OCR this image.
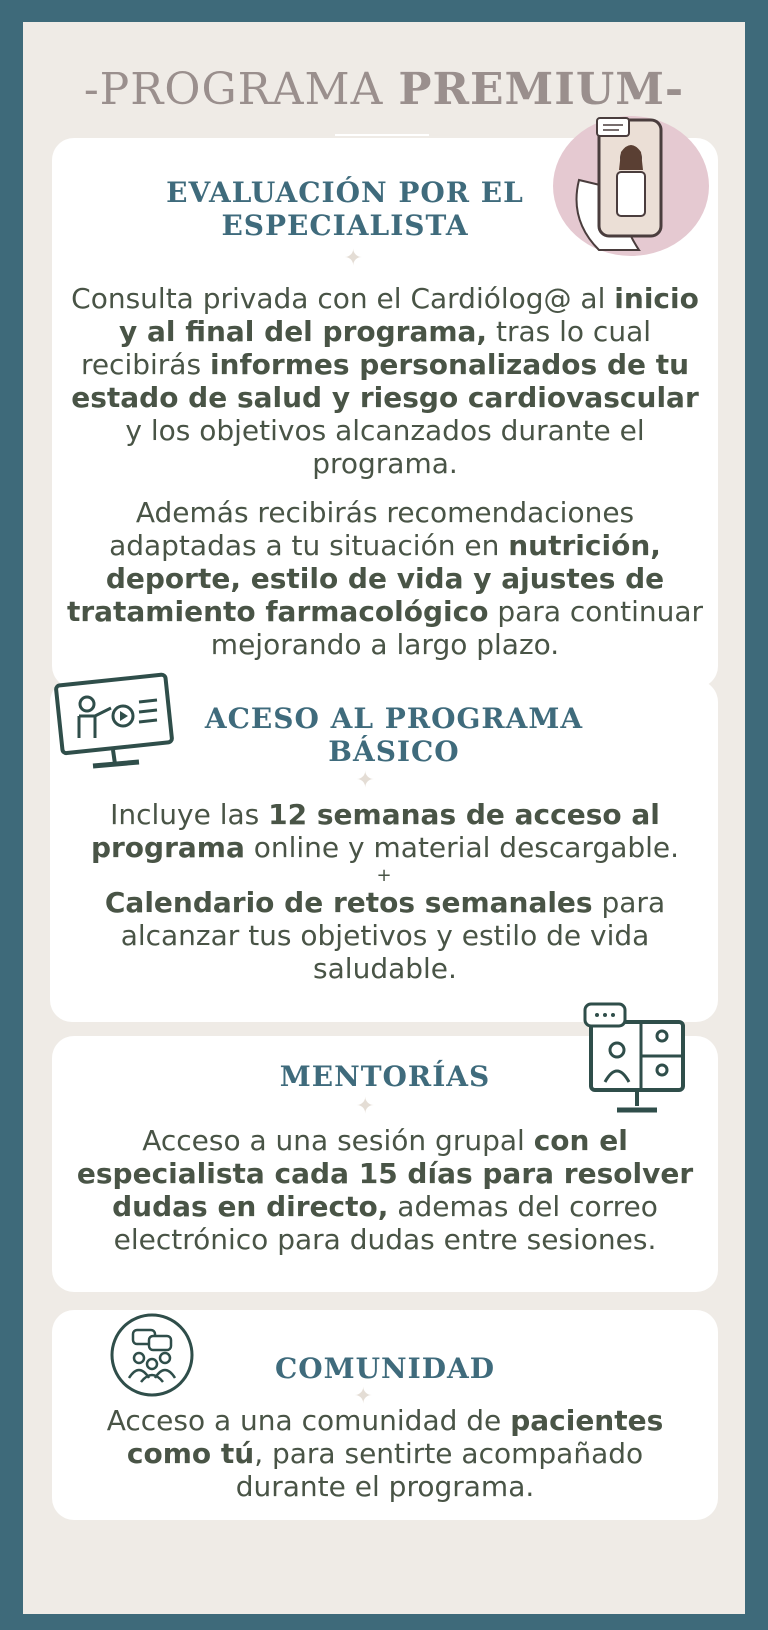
-PROGRAMA PREMIUM-
EVALUACIÓN POR EL
ESPECIALISTA
✦
Consulta privada con el Cardiólog@ al inicio y al final del programa, tras lo cual recibirás informes personalizados de tu estado de salud y riesgo cardiovascular y los objetivos alcanzados durante el programa.
Además recibirás recomendaciones adaptadas a tu situación en nutrición, deporte, estilo de vida y ajustes de tratamiento farmacológico para continuar mejorando a largo plazo.
ACESO AL PROGRAMA
BÁSICO
✦
Incluye las 12 semanas de acceso al programa online y material descargable.
+
Calendario de retos semanales para alcanzar tus objetivos y estilo de vida saludable.
MENTORÍAS
✦
Acceso a una sesión grupal con el especialista cada 15 días para resolver dudas en directo, ademas del correo electrónico para dudas entre sesiones.
COMUNIDAD
✦
Acceso a una comunidad de pacientes como tú, para sentirte acompañado durante el programa.
